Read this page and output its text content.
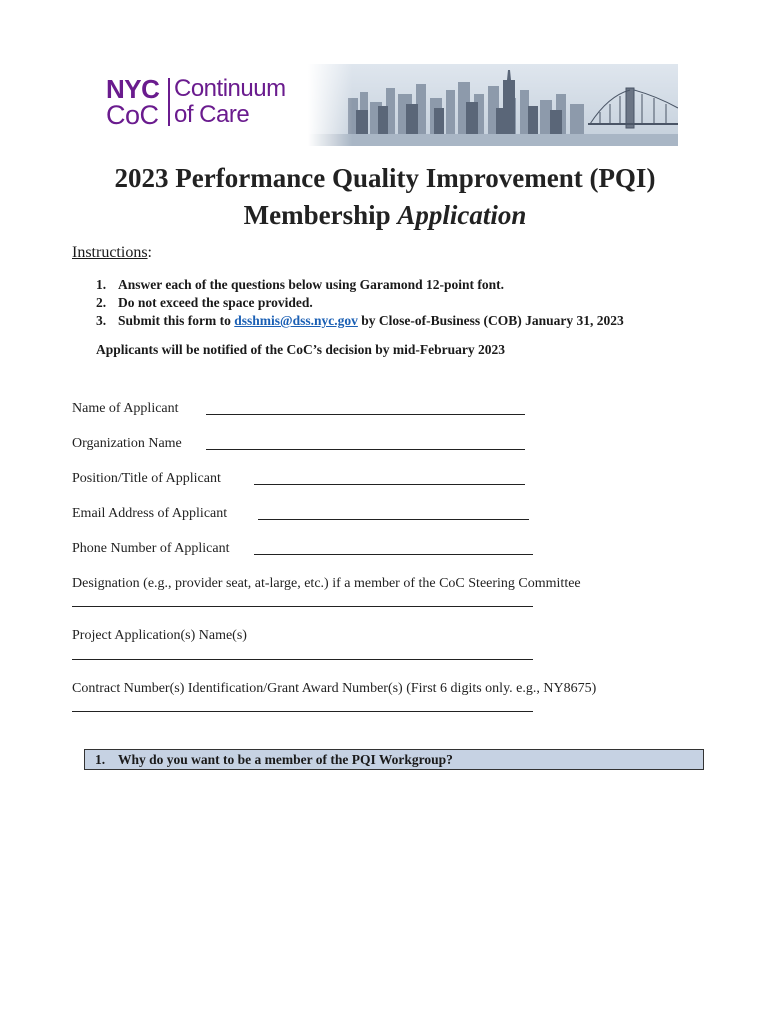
NYC
CoC
Continuum
of Care
2023 Performance Quality Improvement (PQI)
Membership Application
Instructions:
1. Answer each of the questions below using Garamond 12-point font.
2. Do not exceed the space provided.
3. Submit this form to dsshmis@dss.nyc.gov by Close-of-Business (COB) January 31, 2023
Applicants will be notified of the CoC’s decision by mid-February 2023
Name of Applicant
Organization Name
Position/Title of Applicant
Email Address of Applicant
Phone Number of Applicant
Designation (e.g., provider seat, at-large, etc.) if a member of the CoC Steering Committee
Project Application(s) Name(s)
Contract Number(s) Identification/Grant Award Number(s) (First 6 digits only. e.g., NY8675)
1. Why do you want to be a member of the PQI Workgroup?
